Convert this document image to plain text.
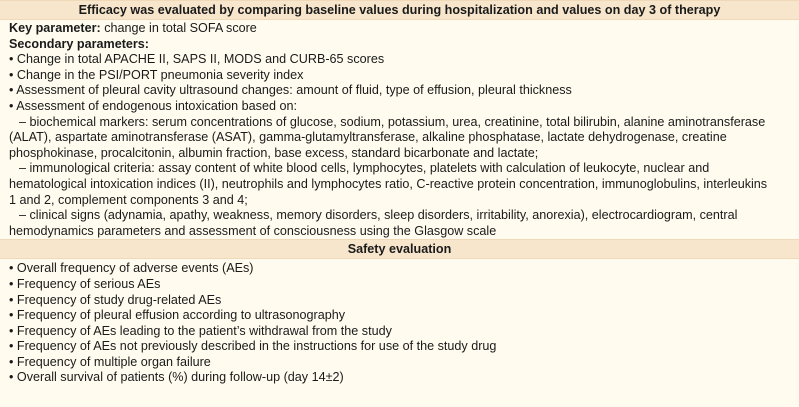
Efficacy was evaluated by comparing baseline values during hospitalization and values on day 3 of therapy
Key parameter: change in total SOFA score
Secondary parameters:
• Change in total APACHE II, SAPS II, MODS and CURB-65 scores
• Change in the PSI/PORT pneumonia severity index
• Assessment of pleural cavity ultrasound changes: amount of fluid, type of effusion, pleural thickness
• Assessment of endogenous intoxication based on:
– biochemical markers: serum concentrations of glucose, sodium, potassium, urea, creatinine, total bilirubin, alanine aminotransferase
(ALAT), aspartate aminotransferase (ASAT), gamma-glutamyltransferase, alkaline phosphatase, lactate dehydrogenase, creatine
phosphokinase, procalcitonin, albumin fraction, base excess, standard bicarbonate and lactate;
– immunological criteria: assay content of white blood cells, lymphocytes, platelets with calculation of leukocyte, nuclear and
hematological intoxication indices (II), neutrophils and lymphocytes ratio, C-reactive protein concentration, immunoglobulins, interleukins
1 and 2, complement components 3 and 4;
– clinical signs (adynamia, apathy, weakness, memory disorders, sleep disorders, irritability, anorexia), electrocardiogram, central
hemodynamics parameters and assessment of consciousness using the Glasgow scale
Safety evaluation
• Overall frequency of adverse events (AEs)
• Frequency of serious AEs
• Frequency of study drug-related AEs
• Frequency of pleural effusion according to ultrasonography
• Frequency of AEs leading to the patient’s withdrawal from the study
• Frequency of AEs not previously described in the instructions for use of the study drug
• Frequency of multiple organ failure
• Overall survival of patients (%) during follow-up (day 14±2)
